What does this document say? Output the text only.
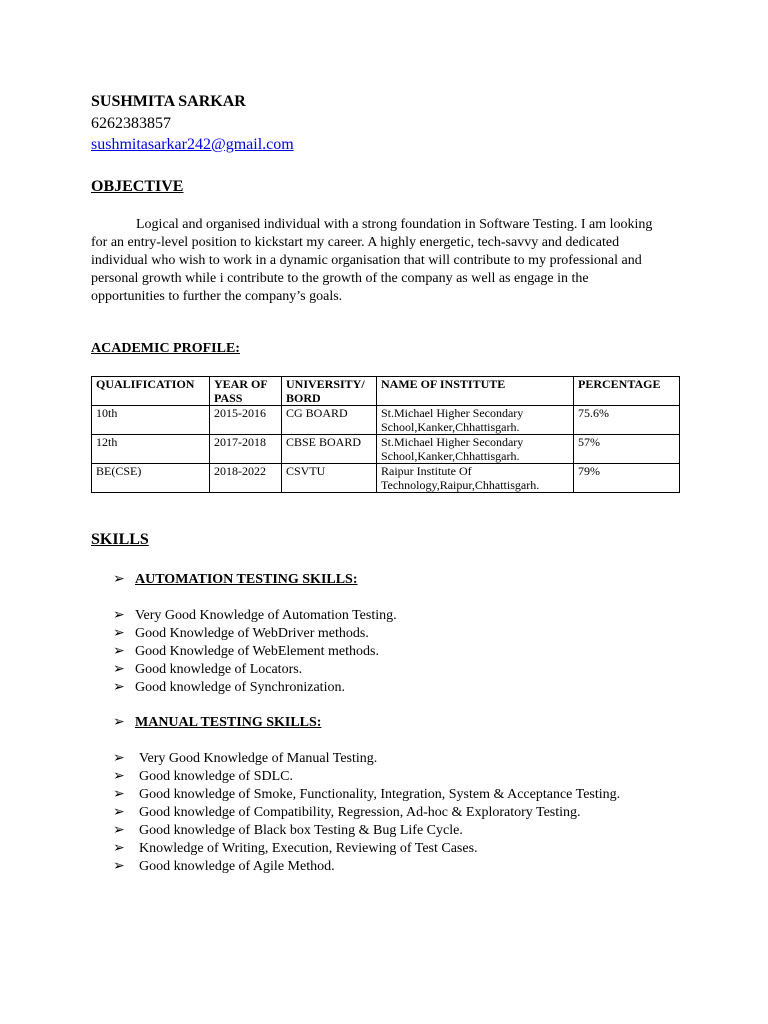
SUSHMITA SARKAR
6262383857
sushmitasarkar242@gmail.com
OBJECTIVE

Logical and organised individual with a strong foundation in Software Testing. I am looking for an entry-level position to kickstart my career. A highly energetic, tech-savvy and dedicated individual who wish to work in a dynamic organisation that will contribute to my professional and personal growth while i contribute to the growth of the company as well as engage in the opportunities to further the company’s goals.

ACADEMIC PROFILE:
QUALIFICATION	YEAR OF PASS	UNIVERSITY/ BORD	NAME OF INSTITUTE	PERCENTAGE
10th	2015-2016	CG BOARD	St.Michael Higher Secondary School,Kanker,Chhattisgarh.	75.6%
12th	2017-2018	CBSE BOARD	St.Michael Higher Secondary School,Kanker,Chhattisgarh.	57%
BE(CSE)	2018-2022	CSVTU	Raipur Institute Of Technology,Raipur,Chhattisgarh.	79%
SKILLS
➢ AUTOMATION TESTING SKILLS:
➢ Very Good Knowledge of Automation Testing.
➢ Good Knowledge of WebDriver methods.
➢ Good Knowledge of WebElement methods.
➢ Good knowledge of Locators.
➢ Good knowledge of Synchronization.
➢ MANUAL TESTING SKILLS:
➢ Very Good Knowledge of Manual Testing.
➢ Good knowledge of SDLC.
➢ Good knowledge of Smoke, Functionality, Integration, System & Acceptance Testing.
➢ Good knowledge of Compatibility, Regression, Ad-hoc & Exploratory Testing.
➢ Good knowledge of Black box Testing & Bug Life Cycle.
➢ Knowledge of Writing, Execution, Reviewing of Test Cases.
➢ Good knowledge of Agile Method.
